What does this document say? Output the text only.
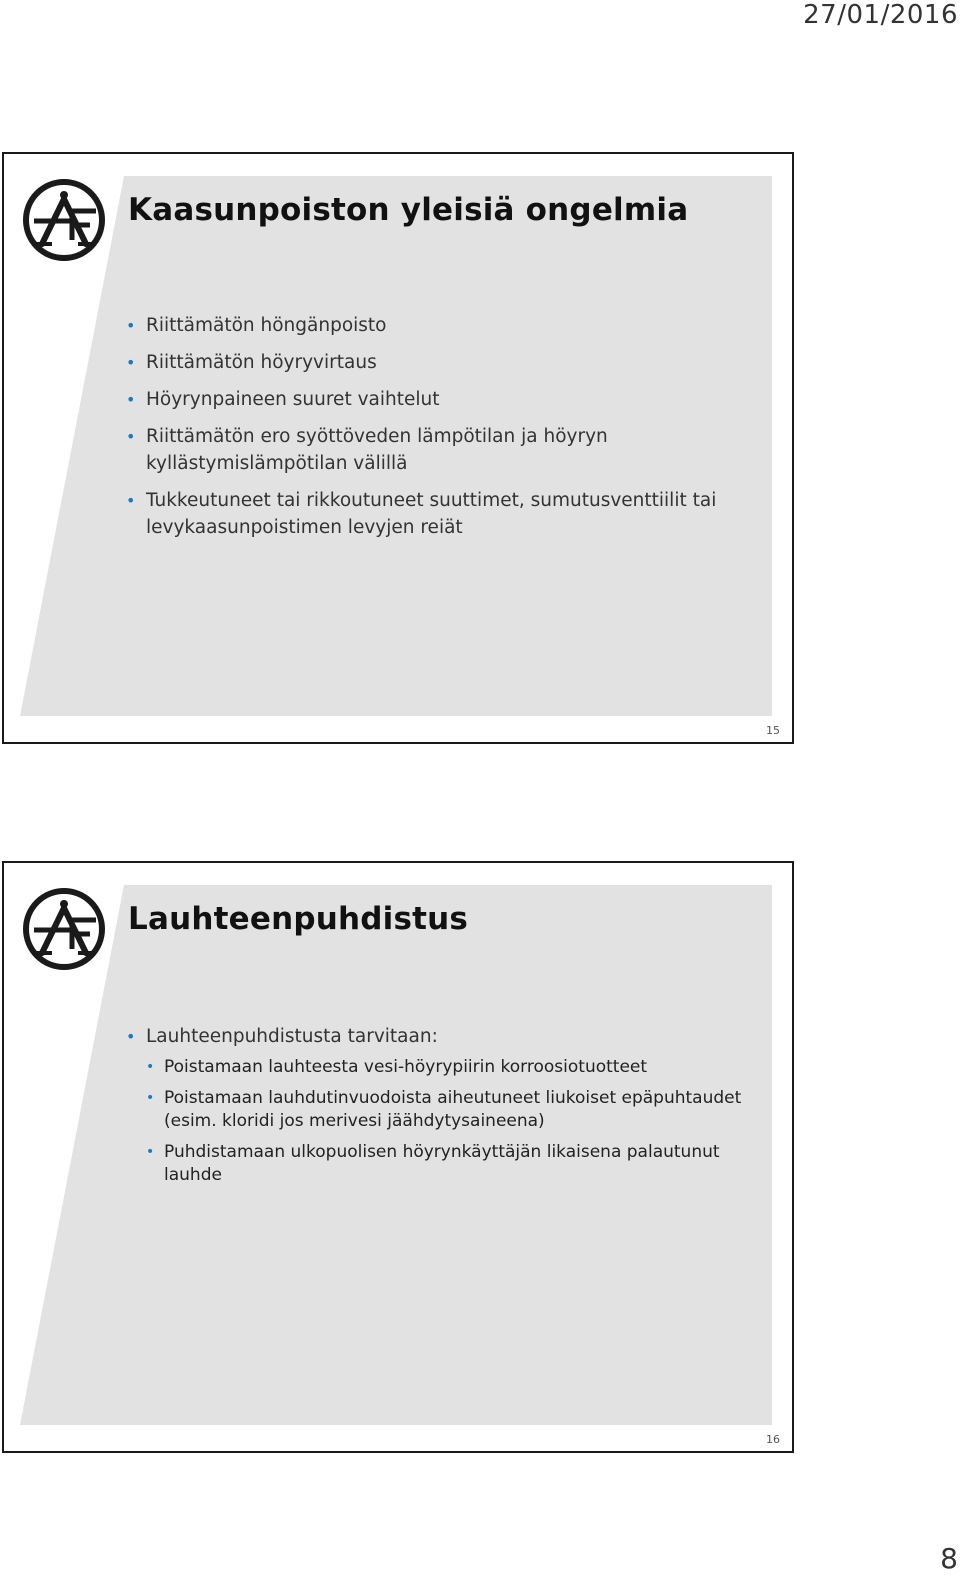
27/01/2016
Kaasunpoiston yleisiä ongelmia
• Riittämätön höngänpoisto
• Riittämätön höyryvirtaus
• Höyrynpaineen suuret vaihtelut
• Riittämätön ero syöttöveden lämpötilan ja höyryn kyllästymislämpötilan välillä
• Tukkeutuneet tai rikkoutuneet suuttimet, sumutusventtiilit tai levykaasunpoistimen levyjen reiät
15
Lauhteenpuhdistus
• Lauhteenpuhdistusta tarvitaan:
• Poistamaan lauhteesta vesi-höyrypiirin korroosiotuotteet
• Poistamaan lauhdutinvuodoista aiheutuneet liukoiset epäpuhtaudet (esim. kloridi jos merivesi jäähdytysaineena)
• Puhdistamaan ulkopuolisen höyrynkäyttäjän likaisena palautunut lauhde
16
8
